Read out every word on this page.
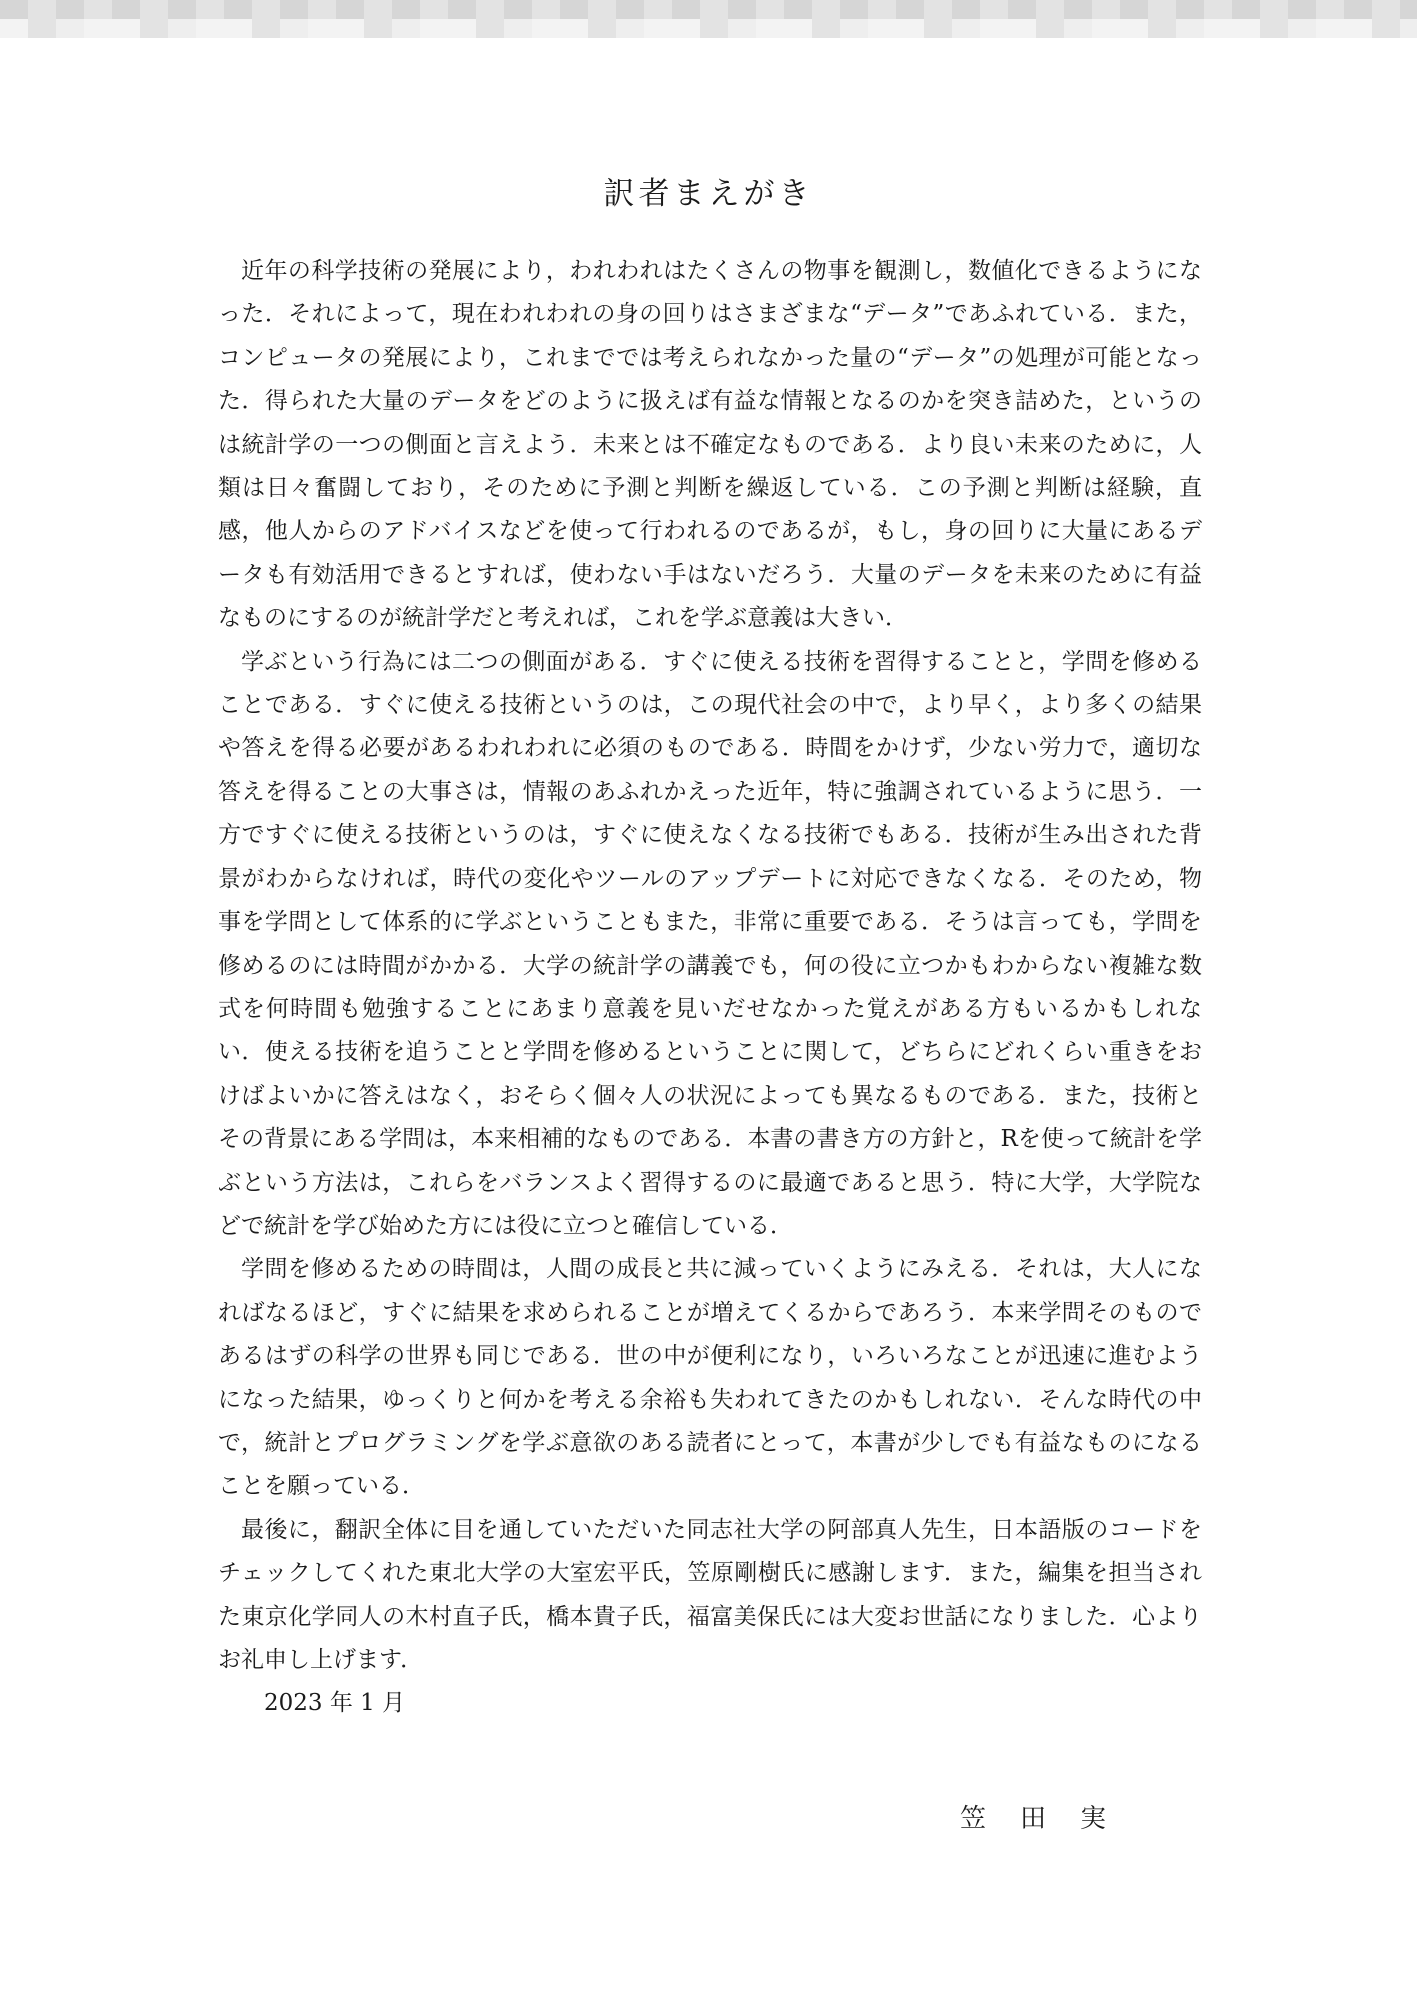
訳者まえがき

近年の科学技術の発展により，われわれはたくさんの物事を観測し，数値化できるようになった．それによって，現在われわれの身の回りはさまざまな“データ”であふれている．また，コンピュータの発展により，これまででは考えられなかった量の“データ”の処理が可能となった．得られた大量のデータをどのように扱えば有益な情報となるのかを突き詰めた，というのは統計学の一つの側面と言えよう．未来とは不確定なものである．より良い未来のために，人類は日々奮闘しており，そのために予測と判断を繰返している．この予測と判断は経験，直感，他人からのアドバイスなどを使って行われるのであるが，もし，身の回りに大量にあるデータも有効活用できるとすれば，使わない手はないだろう．大量のデータを未来のために有益なものにするのが統計学だと考えれば，これを学ぶ意義は大きい．

学ぶという行為には二つの側面がある．すぐに使える技術を習得することと，学問を修めることである．すぐに使える技術というのは，この現代社会の中で，より早く，より多くの結果や答えを得る必要があるわれわれに必須のものである．時間をかけず，少ない労力で，適切な答えを得ることの大事さは，情報のあふれかえった近年，特に強調されているように思う．一方ですぐに使える技術というのは，すぐに使えなくなる技術でもある．技術が生み出された背景がわからなければ，時代の変化やツールのアップデートに対応できなくなる．そのため，物事を学問として体系的に学ぶということもまた，非常に重要である．そうは言っても，学問を修めるのには時間がかかる．大学の統計学の講義でも，何の役に立つかもわからない複雑な数式を何時間も勉強することにあまり意義を見いだせなかった覚えがある方もいるかもしれない．使える技術を追うことと学問を修めるということに関して，どちらにどれくらい重きをおけばよいかに答えはなく，おそらく個々人の状況によっても異なるものである．また，技術とその背景にある学問は，本来相補的なものである．本書の書き方の方針と，Rを使って統計を学ぶという方法は，これらをバランスよく習得するのに最適であると思う．特に大学，大学院などで統計を学び始めた方には役に立つと確信している．

学問を修めるための時間は，人間の成長と共に減っていくようにみえる．それは，大人になればなるほど，すぐに結果を求められることが増えてくるからであろう．本来学問そのものであるはずの科学の世界も同じである．世の中が便利になり，いろいろなことが迅速に進むようになった結果，ゆっくりと何かを考える余裕も失われてきたのかもしれない．そんな時代の中で，統計とプログラミングを学ぶ意欲のある読者にとって，本書が少しでも有益なものになることを願っている．

最後に，翻訳全体に目を通していただいた同志社大学の阿部真人先生，日本語版のコードをチェックしてくれた東北大学の大室宏平氏，笠原剛樹氏に感謝します．また，編集を担当された東京化学同人の木村直子氏，橋本貴子氏，福富美保氏には大変お世話になりました．心よりお礼申し上げます．

2023 年 1 月

笠田実
